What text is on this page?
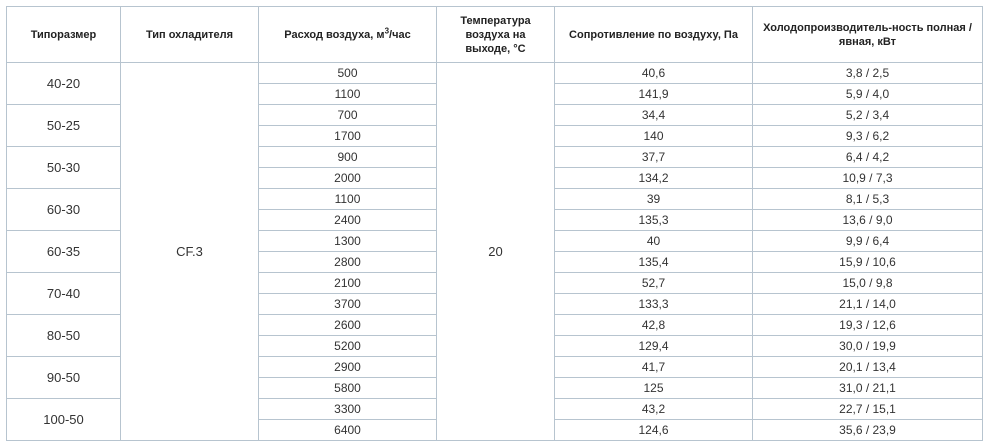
Типоразмер	Тип охладителя	Расход воздуха, $м^3$/час	Температура воздуха на выходе, °С	Сопротивление по воздуху, Па	Холодопроизводитель-ность полная / явная, кВт
40-20	CF.3	500	20	40,6	3,8 / 2,5
		1100		141,9	5,9 / 4,0
50-25		700		34,4	5,2 / 3,4
		1700		140	9,3 / 6,2
50-30		900		37,7	6,4 / 4,2
		2000		134,2	10,9 / 7,3
60-30		1100		39	8,1 / 5,3
		2400		135,3	13,6 / 9,0
60-35		1300		40	9,9 / 6,4
		2800		135,4	15,9 / 10,6
70-40		2100		52,7	15,0 / 9,8
		3700		133,3	21,1 / 14,0
80-50		2600		42,8	19,3 / 12,6
		5200		129,4	30,0 / 19,9
90-50		2900		41,7	20,1 / 13,4
		5800		125	31,0 / 21,1
100-50		3300		43,2	22,7 / 15,1
		6400		124,6	35,6 / 23,9
